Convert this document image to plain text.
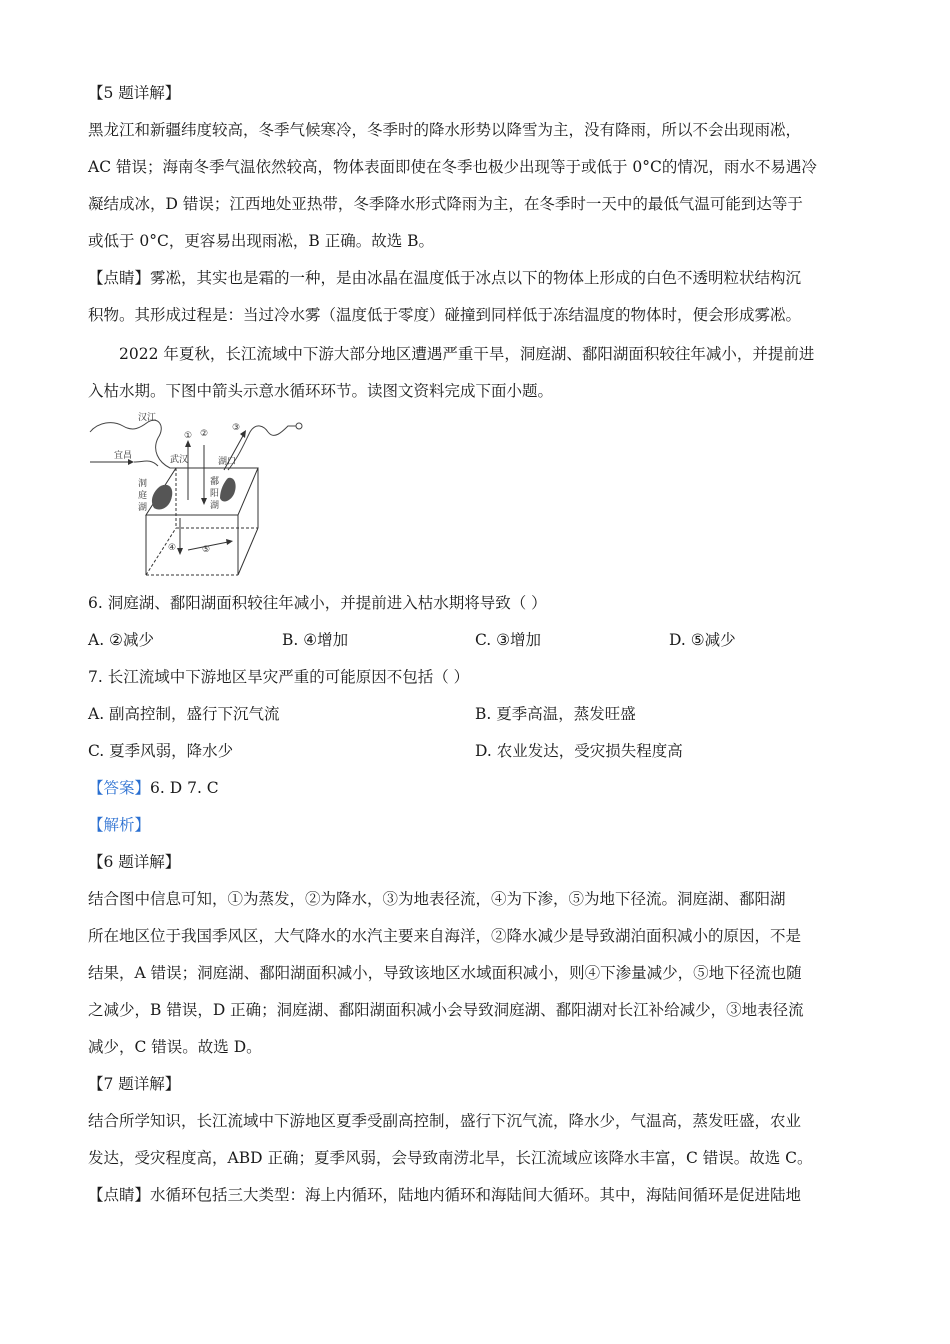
【5 题详解】
黑龙江和新疆纬度较高，冬季气候寒冷，冬季时的降水形势以降雪为主，没有降雨，所以不会出现雨凇，
AC 错误；海南冬季气温依然较高，物体表面即使在冬季也极少出现等于或低于 0°C的情况，雨水不易遇冷
凝结成冰，D 错误；江西地处亚热带，冬季降水形式降雨为主，在冬季时一天中的最低气温可能到达等于
或低于 0°C，更容易出现雨凇，B 正确。故选 B。
【点睛】雾凇，其实也是霜的一种，是由冰晶在温度低于冰点以下的物体上形成的白色不透明粒状结构沉
积物。其形成过程是：当过冷水雾（温度低于零度）碰撞到同样低于冻结温度的物体时，便会形成雾凇。
2022 年夏秋，长江流域中下游大部分地区遭遇严重干旱，洞庭湖、鄱阳湖面积较往年减小，并提前进
入枯水期。下图中箭头示意水循环环节。读图文资料完成下面小题。
汉江
宜昌	武汉	湖口
洞
庭
湖
鄱
阳
湖
① ②
③
④	⑤
6. 洞庭湖、鄱阳湖面积较往年减小，并提前进入枯水期将导致（ ）
A. ②减少	B. ④增加	C. ③增加	D. ⑤减少
7. 长江流域中下游地区旱灾严重的可能原因不包括（ ）
A. 副高控制，盛行下沉气流	B. 夏季高温，蒸发旺盛
C. 夏季风弱，降水少	D. 农业发达，受灾损失程度高
【答案】6. D 7. C
【解析】
【6 题详解】
结合图中信息可知，①为蒸发，②为降水，③为地表径流，④为下渗，⑤为地下径流。洞庭湖、鄱阳湖
所在地区位于我国季风区，大气降水的水汽主要来自海洋，②降水减少是导致湖泊面积减小的原因，不是
结果，A 错误；洞庭湖、鄱阳湖面积减小，导致该地区水域面积减小，则④下渗量减少，⑤地下径流也随
之减少，B 错误，D 正确；洞庭湖、鄱阳湖面积减小会导致洞庭湖、鄱阳湖对长江补给减少，③地表径流
减少，C 错误。故选 D。
【7 题详解】
结合所学知识，长江流域中下游地区夏季受副高控制，盛行下沉气流，降水少，气温高，蒸发旺盛，农业
发达，受灾程度高，ABD 正确；夏季风弱，会导致南涝北旱，长江流域应该降水丰富，C 错误。故选 C。
【点睛】水循环包括三大类型：海上内循环，陆地内循环和海陆间大循环。其中，海陆间循环是促进陆地
